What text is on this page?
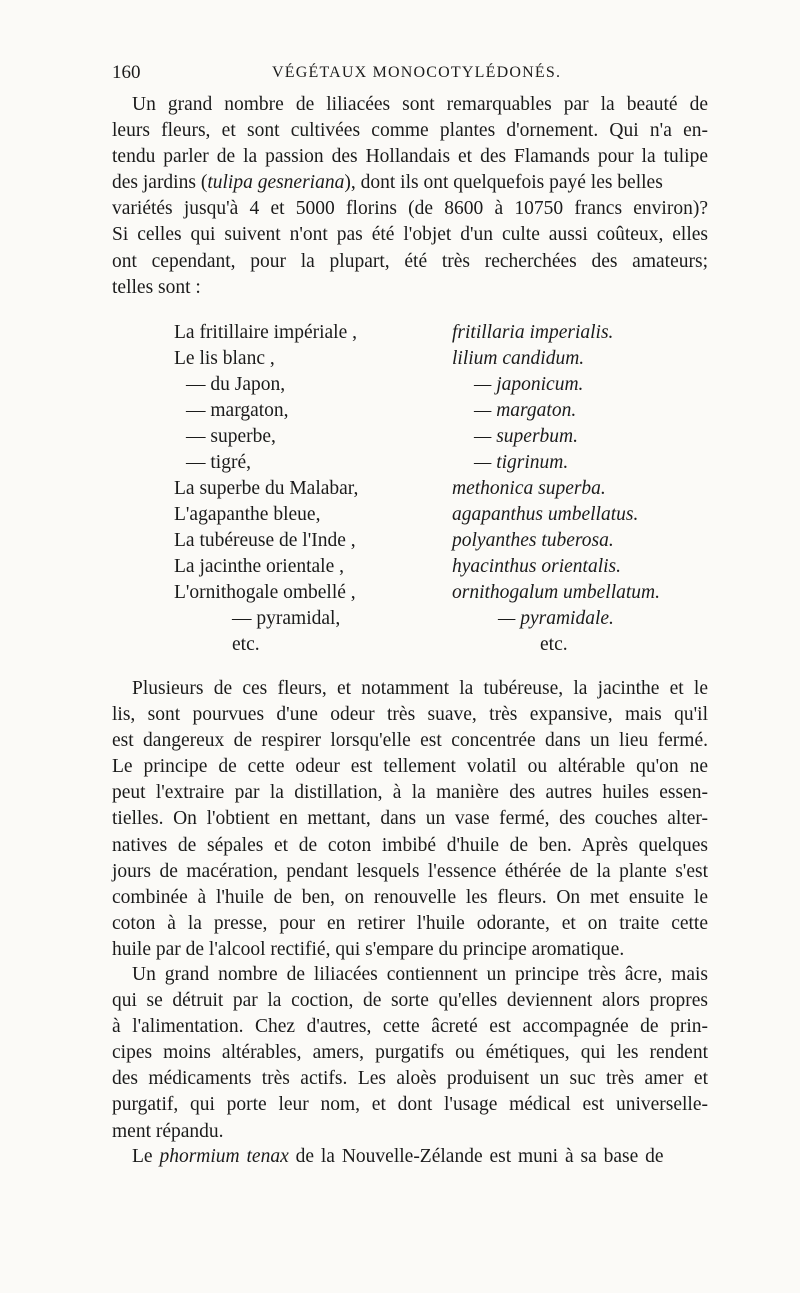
160	VÉGÉTAUX MONOCOTYLÉDONÉS.

Un grand nombre de liliacées sont remarquables par la beauté de
leurs fleurs, et sont cultivées comme plantes d'ornement. Qui n'a en-
tendu parler de la passion des Hollandais et des Flamands pour la tulipe
des jardins (tulipa gesneriana), dont ils ont quelquefois payé les belles
variétés jusqu'à 4 et 5000 florins (de 8600 à 10750 francs environ)?
Si celles qui suivent n'ont pas été l'objet d'un culte aussi coûteux, elles
ont cependant, pour la plupart, été très recherchées des amateurs;
telles sont :

La fritillaire impériale ,	fritillaria imperialis.
Le lis blanc ,	lilium candidum.
— du Japon,	— japonicum.
— margaton,	— margaton.
— superbe,	— superbum.
— tigré,	— tigrinum.
La superbe du Malabar,	methonica superba.
L'agapanthe bleue,	agapanthus umbellatus.
La tubéreuse de l'Inde ,	polyanthes tuberosa.
La jacinthe orientale ,	hyacinthus orientalis.
L'ornithogale ombellé ,	ornithogalum umbellatum.
— pyramidal,	— pyramidale.
etc.	etc.

Plusieurs de ces fleurs, et notamment la tubéreuse, la jacinthe et le
lis, sont pourvues d'une odeur très suave, très expansive, mais qu'il
est dangereux de respirer lorsqu'elle est concentrée dans un lieu fermé.
Le principe de cette odeur est tellement volatil ou altérable qu'on ne
peut l'extraire par la distillation, à la manière des autres huiles essen-
tielles. On l'obtient en mettant, dans un vase fermé, des couches alter-
natives de sépales et de coton imbibé d'huile de ben. Après quelques
jours de macération, pendant lesquels l'essence éthérée de la plante s'est
combinée à l'huile de ben, on renouvelle les fleurs. On met ensuite le
coton à la presse, pour en retirer l'huile odorante, et on traite cette
huile par de l'alcool rectifié, qui s'empare du principe aromatique.

Un grand nombre de liliacées contiennent un principe très âcre, mais
qui se détruit par la coction, de sorte qu'elles deviennent alors propres
à l'alimentation. Chez d'autres, cette âcreté est accompagnée de prin-
cipes moins altérables, amers, purgatifs ou émétiques, qui les rendent
des médicaments très actifs. Les aloès produisent un suc très amer et
purgatif, qui porte leur nom, et dont l'usage médical est universelle-
ment répandu.

Le phormium tenax de la Nouvelle-Zélande est muni à sa base de
